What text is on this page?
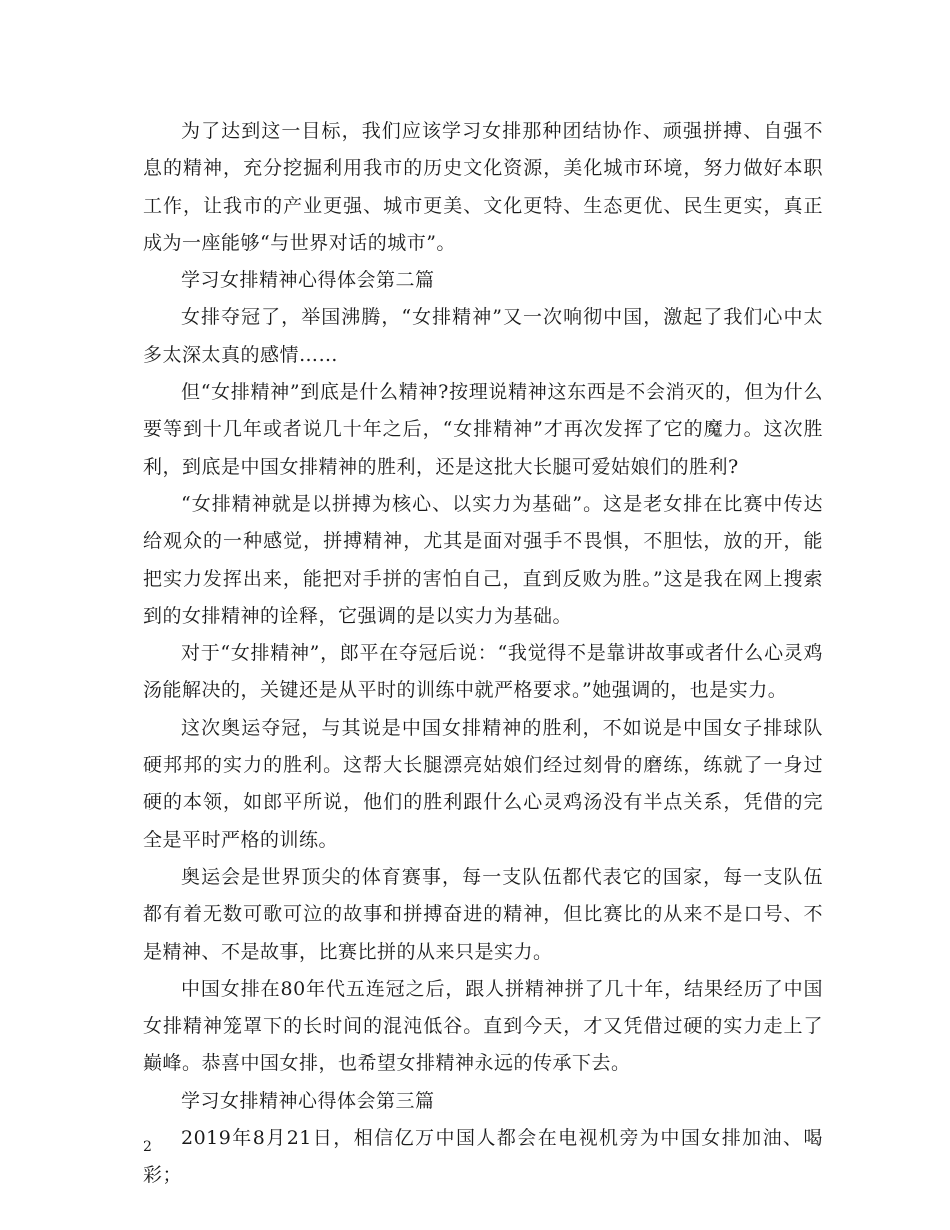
为了达到这一目标，我们应该学习女排那种团结协作、顽强拼搏、自强不息的精神，充分挖掘利用我市的历史文化资源，美化城市环境，努力做好本职工作，让我市的产业更强、城市更美、文化更特、生态更优、民生更实，真正成为一座能够“与世界对话的城市”。

学习女排精神心得体会第二篇

女排夺冠了，举国沸腾，“女排精神”又一次响彻中国，激起了我们心中太多太深太真的感情……

但“女排精神”到底是什么精神?按理说精神这东西是不会消灭的，但为什么要等到十几年或者说几十年之后，“女排精神”才再次发挥了它的魔力。这次胜利，到底是中国女排精神的胜利，还是这批大长腿可爱姑娘们的胜利?

“女排精神就是以拼搏为核心、以实力为基础”。这是老女排在比赛中传达给观众的一种感觉，拼搏精神，尤其是面对强手不畏惧，不胆怯，放的开，能把实力发挥出来，能把对手拼的害怕自己，直到反败为胜。”这是我在网上搜索到的女排精神的诠释，它强调的是以实力为基础。

对于“女排精神”，郎平在夺冠后说：“我觉得不是靠讲故事或者什么心灵鸡汤能解决的，关键还是从平时的训练中就严格要求。”她强调的，也是实力。

这次奥运夺冠，与其说是中国女排精神的胜利，不如说是中国女子排球队硬邦邦的实力的胜利。这帮大长腿漂亮姑娘们经过刻骨的磨练，练就了一身过硬的本领，如郎平所说，他们的胜利跟什么心灵鸡汤没有半点关系，凭借的完全是平时严格的训练。

奥运会是世界顶尖的体育赛事，每一支队伍都代表它的国家，每一支队伍都有着无数可歌可泣的故事和拼搏奋进的精神，但比赛比的从来不是口号、不是精神、不是故事，比赛比拼的从来只是实力。

中国女排在80年代五连冠之后，跟人拼精神拼了几十年，结果经历了中国女排精神笼罩下的长时间的混沌低谷。直到今天，才又凭借过硬的实力走上了巅峰。恭喜中国女排，也希望女排精神永远的传承下去。

学习女排精神心得体会第三篇

2019年8月21日，相信亿万中国人都会在电视机旁为中国女排加油、喝彩；

2
